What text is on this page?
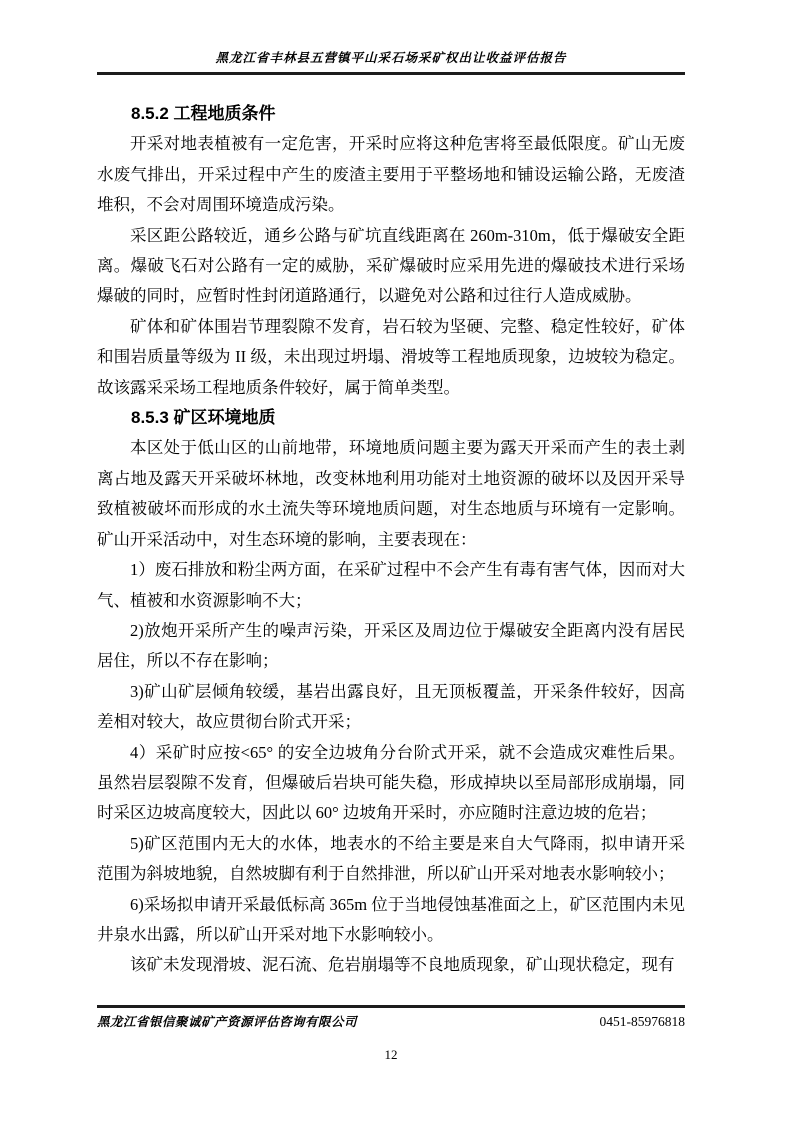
黑龙江省丰林县五营镇平山采石场采矿权出让收益评估报告
8.5.2 工程地质条件

开采对地表植被有一定危害，开采时应将这种危害将至最低限度。矿山无废水废气排出，开采过程中产生的废渣主要用于平整场地和铺设运输公路，无废渣堆积，不会对周围环境造成污染。

采区距公路较近，通乡公路与矿坑直线距离在 260m-310m，低于爆破安全距离。爆破飞石对公路有一定的威胁，采矿爆破时应采用先进的爆破技术进行采场爆破的同时，应暂时性封闭道路通行，以避免对公路和过往行人造成威胁。

矿体和矿体围岩节理裂隙不发育，岩石较为坚硬、完整、稳定性较好，矿体和围岩质量等级为 II 级，未出现过坍塌、滑坡等工程地质现象，边坡较为稳定。故该露采采场工程地质条件较好，属于简单类型。

8.5.3 矿区环境地质

本区处于低山区的山前地带，环境地质问题主要为露天开采而产生的表土剥离占地及露天开采破坏林地，改变林地利用功能对土地资源的破坏以及因开采导致植被破坏而形成的水土流失等环境地质问题，对生态地质与环境有一定影响。矿山开采活动中，对生态环境的影响，主要表现在：

1）废石排放和粉尘两方面，在采矿过程中不会产生有毒有害气体，因而对大气、植被和水资源影响不大；

2)放炮开采所产生的噪声污染，开采区及周边位于爆破安全距离内没有居民居住，所以不存在影响；

3)矿山矿层倾角较缓，基岩出露良好，且无顶板覆盖，开采条件较好，因高差相对较大，故应贯彻台阶式开采；

4）采矿时应按<65° 的安全边坡角分台阶式开采，就不会造成灾难性后果。虽然岩层裂隙不发育，但爆破后岩块可能失稳，形成掉块以至局部形成崩塌，同时采区边坡高度较大，因此以 60° 边坡角开采时，亦应随时注意边坡的危岩；

5)矿区范围内无大的水体，地表水的不给主要是来自大气降雨，拟申请开采范围为斜坡地貌，自然坡脚有利于自然排泄，所以矿山开采对地表水影响较小；

6)采场拟申请开采最低标高 365m 位于当地侵蚀基准面之上，矿区范围内未见井泉水出露，所以矿山开采对地下水影响较小。

该矿未发现滑坡、泥石流、危岩崩塌等不良地质现象，矿山现状稳定，现有

黑龙江省银信聚诚矿产资源评估咨询有限公司	0451-85976818
12
